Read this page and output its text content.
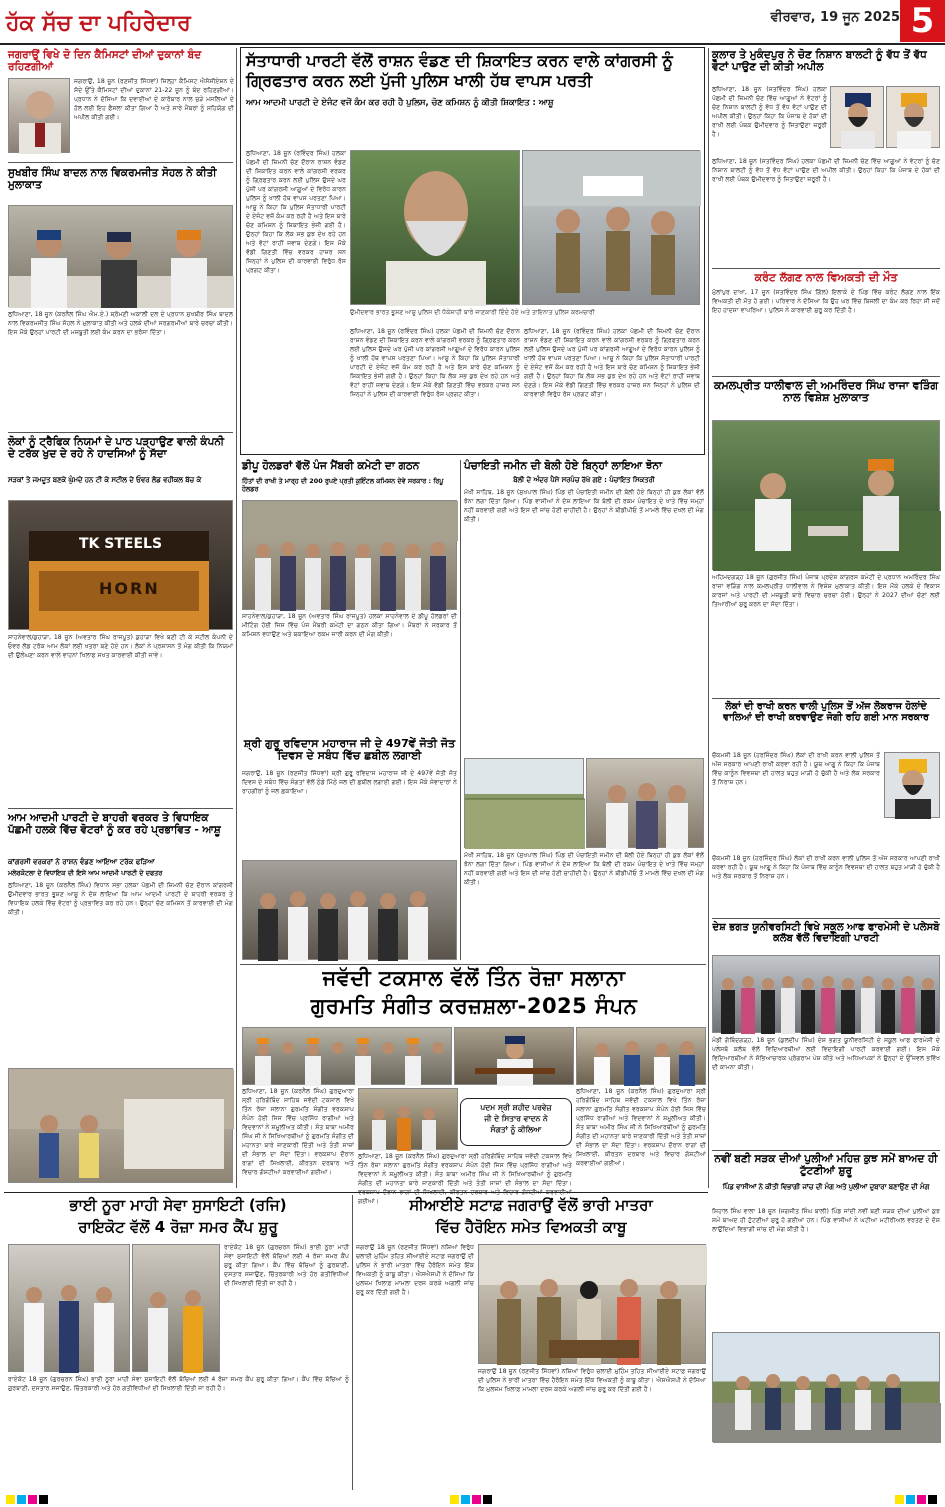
ਹੱਕ ਸੱਚ ਦਾ ਪਹਿਰੇਦਾਰ	ਵੀਰਵਾਰ, 19 ਜੂਨ 2025 5
ਜਗਰਾਉਂ ਵਿਖੇ ਦੋ ਦਿਨ ਕੈਮਿਸਟਾਂ ਦੀਆਂ ਦੁਕਾਨਾਂ ਬੰਦ ਰਹਿਣਗੀਆਂ
ਜਗਰਾਉਂ, 18 ਜੂਨ (ਰਣਜੀਤ ਸਿੱਧਵਾਂ) ਜ਼ਿਲ੍ਹਾ ਕੈਮਿਸਟ ਐਸੋਸੀਏਸ਼ਨ ਦੇ ਸੱਦੇ ਉੱਤੇ ਕੈਮਿਸਟਾਂ ਦੀਆਂ ਦੁਕਾਨਾਂ 21-22 ਜੂਨ ਨੂੰ ਬੰਦ ਰਹਿਣਗੀਆਂ। ਪ੍ਰਧਾਨ ਨੇ ਦੱਸਿਆ ਕਿ ਦਵਾਈਆਂ ਦੇ ਕਾਰੋਬਾਰ ਨਾਲ ਜੁੜੇ ਮਸਲਿਆਂ ਦੇ ਹੱਲ ਲਈ ਇਹ ਫੈਸਲਾ ਕੀਤਾ ਗਿਆ ਹੈ ਅਤੇ ਸਾਰੇ ਮੈਂਬਰਾਂ ਨੂੰ ਸਹਿਯੋਗ ਦੀ ਅਪੀਲ ਕੀਤੀ ਗਈ।
ਸੁਖਬੀਰ ਸਿੰਘ ਬਾਦਲ ਨਾਲ ਵਿਕਰਮਜੀਤ ਸੋਹਲ ਨੇ ਕੀਤੀ ਮੁਲਾਕਾਤ
ਲੁਧਿਆਣਾ, 18 ਜੂਨ (ਕਰਨੈਲ ਸਿੰਘ ਐਮ.ਏ.) ਸ਼੍ਰੋਮਣੀ ਅਕਾਲੀ ਦਲ ਦੇ ਪ੍ਰਧਾਨ ਸੁਖਬੀਰ ਸਿੰਘ ਬਾਦਲ ਨਾਲ ਵਿਕਰਮਜੀਤ ਸਿੰਘ ਸੋਹਲ ਨੇ ਮੁਲਾਕਾਤ ਕੀਤੀ ਅਤੇ ਹਲਕੇ ਦੀਆਂ ਸਰਗਰਮੀਆਂ ਬਾਰੇ ਚਰਚਾ ਕੀਤੀ। ਇਸ ਮੌਕੇ ਉਨ੍ਹਾਂ ਪਾਰਟੀ ਦੀ ਮਜ਼ਬੂਤੀ ਲਈ ਕੰਮ ਕਰਨ ਦਾ ਭਰੋਸਾ ਦਿੱਤਾ।
ਲੋਕਾਂ ਨੂੰ ਟ੍ਰੈਫਿਕ ਨਿਯਮਾਂ ਦੇ ਪਾਠ ਪੜ੍ਹਾਉਣ ਵਾਲੀ ਕੰਪਨੀ ਦੇ ਟਰੱਕ ਖੁਦ ਦੇ ਰਹੇ ਨੇ ਹਾਦਸਿਆਂ ਨੂੰ ਸੱਦਾ
ਸੜਕਾਂ ਤੇ ਜਮਦੂਤ ਬਣਕੇ ਘੁੰਮਦੇ ਹਨ ਟੀ ਕੇ ਸਟੀਲ ਦੇ ਓਵਰ ਲੋਡ ਵਹੀਕਲ ਬੱਚ ਕੇ
TK STEELS
HORN
ਸਾਹਨੇਵਾਲ/ਕੁਹਾੜਾ, 18 ਜੂਨ (ਅਵਤਾਰ ਸਿੰਘ ਰਾਜਪੂਤ) ਕੁਹਾੜਾ ਵਿਖੇ ਬਣੀ ਟੀ ਕੇ ਸਟੀਲ ਕੰਪਨੀ ਦੇ ਓਵਰ ਲੋਡ ਟਰੱਕ ਆਮ ਲੋਕਾਂ ਲਈ ਖਤਰਾ ਬਣੇ ਹੋਏ ਹਨ। ਲੋਕਾਂ ਨੇ ਪ੍ਰਸ਼ਾਸਨ ਤੋਂ ਮੰਗ ਕੀਤੀ ਕਿ ਨਿਯਮਾਂ ਦੀ ਉਲੰਘਣਾ ਕਰਨ ਵਾਲੇ ਵਾਹਨਾਂ ਖਿਲਾਫ ਸਖਤ ਕਾਰਵਾਈ ਕੀਤੀ ਜਾਵੇ।
ਆਮ ਆਦਮੀ ਪਾਰਟੀ ਦੇ ਬਾਹਰੀ ਵਰਕਰ ਤੇ ਵਿਧਾਇਕ ਪੱਛਮੀ ਹਲਕੇ ਵਿੱਚ ਵੋਟਰਾਂ ਨੂੰ ਕਰ ਰਹੇ ਪ੍ਰਭਾਵਿਤ - ਆਸ਼ੂ
ਕਾਂਗਰਸੀ ਵਰਕਰਾਂ ਨੇ ਰਾਸ਼ਨ ਵੰਡਣ ਆਇਆ ਟਰੱਕ ਫੜਿਆ
ਮਲੇਰਕੋਟਲਾ ਦੇ ਵਿਧਾਇਕ ਦੀ ਇਸੇ ਆਮ ਆਦਮੀ ਪਾਰਟੀ ਦੇ ਦਫਤਰ
ਲੁਧਿਆਣਾ, 18 ਜੂਨ (ਕਰਨੈਲ ਸਿੰਘ) ਵਿਧਾਨ ਸਭਾ ਹਲਕਾ ਪੱਛਮੀ ਦੀ ਜ਼ਿਮਨੀ ਚੋਣ ਦੌਰਾਨ ਕਾਂਗਰਸੀ ਉਮੀਦਵਾਰ ਭਾਰਤ ਭੂਸ਼ਣ ਆਸ਼ੂ ਨੇ ਦੋਸ਼ ਲਾਇਆ ਕਿ ਆਮ ਆਦਮੀ ਪਾਰਟੀ ਦੇ ਬਾਹਰੀ ਵਰਕਰ ਤੇ ਵਿਧਾਇਕ ਹਲਕੇ ਵਿੱਚ ਵੋਟਰਾਂ ਨੂੰ ਪ੍ਰਭਾਵਿਤ ਕਰ ਰਹੇ ਹਨ। ਉਨ੍ਹਾਂ ਚੋਣ ਕਮਿਸ਼ਨ ਤੋਂ ਕਾਰਵਾਈ ਦੀ ਮੰਗ ਕੀਤੀ।
ਸੱਤਾਧਾਰੀ ਪਾਰਟੀ ਵੱਲੋਂ ਰਾਸ਼ਨ ਵੰਡਣ ਦੀ ਸ਼ਿਕਾਇਤ ਕਰਨ ਵਾਲੇ ਕਾਂਗਰਸੀ ਨੂੰ ਗ੍ਰਿਫਤਾਰ ਕਰਨ ਲਈ ਪੁੱਜੀ ਪੁਲਿਸ ਖਾਲੀ ਹੱਥ ਵਾਪਸ ਪਰਤੀ
ਆਮ ਆਦਮੀ ਪਾਰਟੀ ਦੇ ਏਜੰਟ ਵਜੋਂ ਕੰਮ ਕਰ ਰਹੀ ਹੈ ਪੁਲਿਸ, ਚੋਣ ਕਮਿਸ਼ਨ ਨੂੰ ਕੀਤੀ ਸ਼ਿਕਾਇਤ : ਆਸ਼ੂ
ਲੁਧਿਆਣਾ, 18 ਜੂਨ (ਰਵਿੰਦਰ ਸਿੰਘ) ਹਲਕਾ ਪੱਛਮੀ ਦੀ ਜ਼ਿਮਨੀ ਚੋਣ ਦੌਰਾਨ ਰਾਸ਼ਨ ਵੰਡਣ ਦੀ ਸ਼ਿਕਾਇਤ ਕਰਨ ਵਾਲੇ ਕਾਂਗਰਸੀ ਵਰਕਰ ਨੂੰ ਗ੍ਰਿਫਤਾਰ ਕਰਨ ਲਈ ਪੁਲਿਸ ਉਸਦੇ ਘਰ ਪੁੱਜੀ ਪਰ ਕਾਂਗਰਸੀ ਆਗੂਆਂ ਦੇ ਵਿਰੋਧ ਕਾਰਨ ਪੁਲਿਸ ਨੂੰ ਖਾਲੀ ਹੱਥ ਵਾਪਸ ਪਰਤਣਾ ਪਿਆ। ਆਸ਼ੂ ਨੇ ਕਿਹਾ ਕਿ ਪੁਲਿਸ ਸੱਤਾਧਾਰੀ ਪਾਰਟੀ ਦੇ ਏਜੰਟ ਵਜੋਂ ਕੰਮ ਕਰ ਰਹੀ ਹੈ ਅਤੇ ਇਸ ਬਾਰੇ ਚੋਣ ਕਮਿਸ਼ਨ ਨੂੰ ਸ਼ਿਕਾਇਤ ਭੇਜੀ ਗਈ ਹੈ। ਉਨ੍ਹਾਂ ਕਿਹਾ ਕਿ ਲੋਕ ਸਭ ਕੁਝ ਦੇਖ ਰਹੇ ਹਨ ਅਤੇ ਵੋਟਾਂ ਰਾਹੀਂ ਜਵਾਬ ਦੇਣਗੇ। ਇਸ ਮੌਕੇ ਵੱਡੀ ਗਿਣਤੀ ਵਿੱਚ ਵਰਕਰ ਹਾਜ਼ਰ ਸਨ ਜਿਨ੍ਹਾਂ ਨੇ ਪੁਲਿਸ ਦੀ ਕਾਰਵਾਈ ਵਿਰੁੱਧ ਰੋਸ ਪ੍ਰਗਟ ਕੀਤਾ।
ਉਮੀਦਵਾਰ ਭਾਰਤ ਭੂਸ਼ਣ ਆਸ਼ੂ ਪੁਲਿਸ ਦੀ ਧੱਕੇਸ਼ਾਹੀ ਬਾਰੇ ਜਾਣਕਾਰੀ ਦਿੰਦੇ ਹੋਏ ਅਤੇ ਤਾਇਨਾਤ ਪੁਲਿਸ ਕਰਮਚਾਰੀ
ਲੁਧਿਆਣਾ, 18 ਜੂਨ (ਰਵਿੰਦਰ ਸਿੰਘ) ਹਲਕਾ ਪੱਛਮੀ ਦੀ ਜ਼ਿਮਨੀ ਚੋਣ ਦੌਰਾਨ ਰਾਸ਼ਨ ਵੰਡਣ ਦੀ ਸ਼ਿਕਾਇਤ ਕਰਨ ਵਾਲੇ ਕਾਂਗਰਸੀ ਵਰਕਰ ਨੂੰ ਗ੍ਰਿਫਤਾਰ ਕਰਨ ਲਈ ਪੁਲਿਸ ਉਸਦੇ ਘਰ ਪੁੱਜੀ ਪਰ ਕਾਂਗਰਸੀ ਆਗੂਆਂ ਦੇ ਵਿਰੋਧ ਕਾਰਨ ਪੁਲਿਸ ਨੂੰ ਖਾਲੀ ਹੱਥ ਵਾਪਸ ਪਰਤਣਾ ਪਿਆ। ਆਸ਼ੂ ਨੇ ਕਿਹਾ ਕਿ ਪੁਲਿਸ ਸੱਤਾਧਾਰੀ ਪਾਰਟੀ ਦੇ ਏਜੰਟ ਵਜੋਂ ਕੰਮ ਕਰ ਰਹੀ ਹੈ ਅਤੇ ਇਸ ਬਾਰੇ ਚੋਣ ਕਮਿਸ਼ਨ ਨੂੰ ਸ਼ਿਕਾਇਤ ਭੇਜੀ ਗਈ ਹੈ। ਉਨ੍ਹਾਂ ਕਿਹਾ ਕਿ ਲੋਕ ਸਭ ਕੁਝ ਦੇਖ ਰਹੇ ਹਨ ਅਤੇ ਵੋਟਾਂ ਰਾਹੀਂ ਜਵਾਬ ਦੇਣਗੇ। ਇਸ ਮੌਕੇ ਵੱਡੀ ਗਿਣਤੀ ਵਿੱਚ ਵਰਕਰ ਹਾਜ਼ਰ ਸਨ ਜਿਨ੍ਹਾਂ ਨੇ ਪੁਲਿਸ ਦੀ ਕਾਰਵਾਈ ਵਿਰੁੱਧ ਰੋਸ ਪ੍ਰਗਟ ਕੀਤਾ।
ਲੁਧਿਆਣਾ, 18 ਜੂਨ (ਰਵਿੰਦਰ ਸਿੰਘ) ਹਲਕਾ ਪੱਛਮੀ ਦੀ ਜ਼ਿਮਨੀ ਚੋਣ ਦੌਰਾਨ ਰਾਸ਼ਨ ਵੰਡਣ ਦੀ ਸ਼ਿਕਾਇਤ ਕਰਨ ਵਾਲੇ ਕਾਂਗਰਸੀ ਵਰਕਰ ਨੂੰ ਗ੍ਰਿਫਤਾਰ ਕਰਨ ਲਈ ਪੁਲਿਸ ਉਸਦੇ ਘਰ ਪੁੱਜੀ ਪਰ ਕਾਂਗਰਸੀ ਆਗੂਆਂ ਦੇ ਵਿਰੋਧ ਕਾਰਨ ਪੁਲਿਸ ਨੂੰ ਖਾਲੀ ਹੱਥ ਵਾਪਸ ਪਰਤਣਾ ਪਿਆ। ਆਸ਼ੂ ਨੇ ਕਿਹਾ ਕਿ ਪੁਲਿਸ ਸੱਤਾਧਾਰੀ ਪਾਰਟੀ ਦੇ ਏਜੰਟ ਵਜੋਂ ਕੰਮ ਕਰ ਰਹੀ ਹੈ ਅਤੇ ਇਸ ਬਾਰੇ ਚੋਣ ਕਮਿਸ਼ਨ ਨੂੰ ਸ਼ਿਕਾਇਤ ਭੇਜੀ ਗਈ ਹੈ। ਉਨ੍ਹਾਂ ਕਿਹਾ ਕਿ ਲੋਕ ਸਭ ਕੁਝ ਦੇਖ ਰਹੇ ਹਨ ਅਤੇ ਵੋਟਾਂ ਰਾਹੀਂ ਜਵਾਬ ਦੇਣਗੇ। ਇਸ ਮੌਕੇ ਵੱਡੀ ਗਿਣਤੀ ਵਿੱਚ ਵਰਕਰ ਹਾਜ਼ਰ ਸਨ ਜਿਨ੍ਹਾਂ ਨੇ ਪੁਲਿਸ ਦੀ ਕਾਰਵਾਈ ਵਿਰੁੱਧ ਰੋਸ ਪ੍ਰਗਟ ਕੀਤਾ।
ਡੀਪੂ ਹੋਲਡਰਾਂ ਵੱਲੋਂ ਪੰਜ ਮੈਂਬਰੀ ਕਮੇਟੀ ਦਾ ਗਠਨ
ਹਿੱਤਾਂ ਦੀ ਰਾਖੀ ਤੇ ਮਾਰ੍ਹ ਦੀ 200 ਰੁਪਏ ਪ੍ਰਤੀ ਕੁਇੰਟਲ ਕਮਿਸ਼ਨ ਦੇਵੇ ਸਰਕਾਰ : ਰਿਪੂ ਹੋਲਡਰ
ਸਾਹਨੇਵਾਲ/ਕੁਹਾੜਾ, 18 ਜੂਨ (ਅਵਤਾਰ ਸਿੰਘ ਰਾਜਪੂਤ) ਹਲਕਾ ਸਾਹਨੇਵਾਲ ਦੇ ਡੀਪੂ ਹੋਲਡਰਾਂ ਦੀ ਮੀਟਿੰਗ ਹੋਈ ਜਿਸ ਵਿੱਚ ਪੰਜ ਮੈਂਬਰੀ ਕਮੇਟੀ ਦਾ ਗਠਨ ਕੀਤਾ ਗਿਆ। ਮੈਂਬਰਾਂ ਨੇ ਸਰਕਾਰ ਤੋਂ ਕਮਿਸ਼ਨ ਵਧਾਉਣ ਅਤੇ ਬਕਾਇਆ ਰਕਮ ਜਾਰੀ ਕਰਨ ਦੀ ਮੰਗ ਕੀਤੀ।
ਸ਼੍ਰੀ ਗੁਰੂ ਰਵਿਦਾਸ ਮਹਾਰਾਜ ਜੀ ਦੇ 497ਵੇਂ ਜੋਤੀ ਜੋਤ ਦਿਵਸ ਦੇ ਸਬੰਧ ਵਿੱਚ ਛਬੀਲ ਲਗਾਈ
ਜਗਰਾਉਂ, 18 ਜੂਨ (ਰਣਜੀਤ ਸਿੱਧਵਾਂ) ਸ਼੍ਰੀ ਗੁਰੂ ਰਵਿਦਾਸ ਮਹਾਰਾਜ ਜੀ ਦੇ 497ਵੇਂ ਜੋਤੀ ਜੋਤ ਦਿਵਸ ਦੇ ਸਬੰਧ ਵਿੱਚ ਸੰਗਤਾਂ ਵੱਲੋਂ ਠੰਡੇ ਮਿੱਠੇ ਜਲ ਦੀ ਛਬੀਲ ਲਗਾਈ ਗਈ। ਇਸ ਮੌਕੇ ਸੇਵਾਦਾਰਾਂ ਨੇ ਰਾਹਗੀਰਾਂ ਨੂੰ ਜਲ ਛਕਾਇਆ।
ਪੰਚਾਇਤੀ ਜਮੀਨ ਦੀ ਬੋਲੀ ਹੋਏ ਬਿਨ੍ਹਾਂ ਲਾਇਆ ਝੋਨਾ
ਬੋਲੀ ਦੇ ਅੰਦਰ ਪੈਸੇ ਸਰਪੰਚ ਰੱਖੇ ਗਏ : ਪੰਚਾਇਤ ਸਿਕਤਰੀ
ਮੱਖੀ ਸਾਹਿਬ, 18 ਜੂਨ (ਸੁਖਪਾਲ ਸਿੰਘ) ਪਿੰਡ ਦੀ ਪੰਚਾਇਤੀ ਜਮੀਨ ਦੀ ਬੋਲੀ ਹੋਏ ਬਿਨ੍ਹਾਂ ਹੀ ਕੁਝ ਲੋਕਾਂ ਵੱਲੋਂ ਝੋਨਾ ਲਗਾ ਦਿੱਤਾ ਗਿਆ। ਪਿੰਡ ਵਾਸੀਆਂ ਨੇ ਦੋਸ਼ ਲਾਇਆ ਕਿ ਬੋਲੀ ਦੀ ਰਕਮ ਪੰਚਾਇਤ ਦੇ ਖਾਤੇ ਵਿੱਚ ਜਮ੍ਹਾਂ ਨਹੀਂ ਕਰਵਾਈ ਗਈ ਅਤੇ ਇਸ ਦੀ ਜਾਂਚ ਹੋਣੀ ਚਾਹੀਦੀ ਹੈ। ਉਨ੍ਹਾਂ ਨੇ ਬੀਡੀਪੀਓ ਤੋਂ ਮਾਮਲੇ ਵਿੱਚ ਦਖਲ ਦੀ ਮੰਗ ਕੀਤੀ।
ਮੱਖੀ ਸਾਹਿਬ, 18 ਜੂਨ (ਸੁਖਪਾਲ ਸਿੰਘ) ਪਿੰਡ ਦੀ ਪੰਚਾਇਤੀ ਜਮੀਨ ਦੀ ਬੋਲੀ ਹੋਏ ਬਿਨ੍ਹਾਂ ਹੀ ਕੁਝ ਲੋਕਾਂ ਵੱਲੋਂ ਝੋਨਾ ਲਗਾ ਦਿੱਤਾ ਗਿਆ। ਪਿੰਡ ਵਾਸੀਆਂ ਨੇ ਦੋਸ਼ ਲਾਇਆ ਕਿ ਬੋਲੀ ਦੀ ਰਕਮ ਪੰਚਾਇਤ ਦੇ ਖਾਤੇ ਵਿੱਚ ਜਮ੍ਹਾਂ ਨਹੀਂ ਕਰਵਾਈ ਗਈ ਅਤੇ ਇਸ ਦੀ ਜਾਂਚ ਹੋਣੀ ਚਾਹੀਦੀ ਹੈ। ਉਨ੍ਹਾਂ ਨੇ ਬੀਡੀਪੀਓ ਤੋਂ ਮਾਮਲੇ ਵਿੱਚ ਦਖਲ ਦੀ ਮੰਗ ਕੀਤੀ।
ਕੂਲਾਰ ਤੇ ਮੁਕੰਦਪੁਰ ਨੇ ਚੋਣ ਨਿਸ਼ਾਨ ਬਾਲਟੀ ਨੂੰ ਵੱਧ ਤੋਂ ਵੱਧ ਵੋਟਾਂ ਪਾਉਣ ਦੀ ਕੀਤੀ ਅਪੀਲ
ਲੁਧਿਆਣਾ, 18 ਜੂਨ (ਸਤਵਿੰਦਰ ਸਿੰਘ) ਹਲਕਾ ਪੱਛਮੀ ਦੀ ਜ਼ਿਮਨੀ ਚੋਣ ਵਿੱਚ ਆਗੂਆਂ ਨੇ ਵੋਟਰਾਂ ਨੂੰ ਚੋਣ ਨਿਸ਼ਾਨ ਬਾਲਟੀ ਨੂੰ ਵੱਧ ਤੋਂ ਵੱਧ ਵੋਟਾਂ ਪਾਉਣ ਦੀ ਅਪੀਲ ਕੀਤੀ। ਉਨ੍ਹਾਂ ਕਿਹਾ ਕਿ ਪੰਜਾਬ ਦੇ ਹੱਕਾਂ ਦੀ ਰਾਖੀ ਲਈ ਪੰਥਕ ਉਮੀਦਵਾਰ ਨੂੰ ਜਿਤਾਉਣਾ ਜ਼ਰੂਰੀ ਹੈ।
ਲੁਧਿਆਣਾ, 18 ਜੂਨ (ਸਤਵਿੰਦਰ ਸਿੰਘ) ਹਲਕਾ ਪੱਛਮੀ ਦੀ ਜ਼ਿਮਨੀ ਚੋਣ ਵਿੱਚ ਆਗੂਆਂ ਨੇ ਵੋਟਰਾਂ ਨੂੰ ਚੋਣ ਨਿਸ਼ਾਨ ਬਾਲਟੀ ਨੂੰ ਵੱਧ ਤੋਂ ਵੱਧ ਵੋਟਾਂ ਪਾਉਣ ਦੀ ਅਪੀਲ ਕੀਤੀ। ਉਨ੍ਹਾਂ ਕਿਹਾ ਕਿ ਪੰਜਾਬ ਦੇ ਹੱਕਾਂ ਦੀ ਰਾਖੀ ਲਈ ਪੰਥਕ ਉਮੀਦਵਾਰ ਨੂੰ ਜਿਤਾਉਣਾ ਜ਼ਰੂਰੀ ਹੈ।
ਕਰੰਟ ਲੱਗਣ ਨਾਲ ਵਿਅਕਤੀ ਦੀ ਮੌਤ
ਮੁੱਲਾਂਪੁਰ ਦਾਖਾ, 17 ਜੂਨ (ਸਤਵਿੰਦਰ ਸਿੰਘ ਗਿੱਲ) ਇਲਾਕੇ ਦੇ ਪਿੰਡ ਵਿੱਚ ਕਰੰਟ ਲੱਗਣ ਨਾਲ ਇੱਕ ਵਿਅਕਤੀ ਦੀ ਮੌਤ ਹੋ ਗਈ। ਪਰਿਵਾਰ ਨੇ ਦੱਸਿਆ ਕਿ ਉਹ ਘਰ ਵਿੱਚ ਬਿਜਲੀ ਦਾ ਕੰਮ ਕਰ ਰਿਹਾ ਸੀ ਜਦੋਂ ਇਹ ਹਾਦਸਾ ਵਾਪਰਿਆ। ਪੁਲਿਸ ਨੇ ਕਾਰਵਾਈ ਸ਼ੁਰੂ ਕਰ ਦਿੱਤੀ ਹੈ।
ਕਮਲਪ੍ਰੀਤ ਧਾਲੀਵਾਲ ਦੀ ਅਮਰਿੰਦਰ ਸਿੰਘ ਰਾਜਾ ਵੜਿੰਗ ਨਾਲ ਵਿਸ਼ੇਸ਼ ਮੁਲਾਕਾਤ
ਅਹਿਮਦਗੜ੍ਹ 18 ਜੂਨ (ਗੁਰਜੀਤ ਸਿੰਘ) ਪੰਜਾਬ ਪ੍ਰਦੇਸ਼ ਕਾਂਗਰਸ ਕਮੇਟੀ ਦੇ ਪ੍ਰਧਾਨ ਅਮਰਿੰਦਰ ਸਿੰਘ ਰਾਜਾ ਵੜਿੰਗ ਨਾਲ ਕਮਲਪ੍ਰੀਤ ਧਾਲੀਵਾਲ ਨੇ ਵਿਸ਼ੇਸ਼ ਮੁਲਾਕਾਤ ਕੀਤੀ। ਇਸ ਮੌਕੇ ਹਲਕੇ ਦੇ ਵਿਕਾਸ ਕਾਰਜਾਂ ਅਤੇ ਪਾਰਟੀ ਦੀ ਮਜ਼ਬੂਤੀ ਬਾਰੇ ਵਿਚਾਰ ਚਰਚਾ ਹੋਈ। ਉਨ੍ਹਾਂ ਨੇ 2027 ਦੀਆਂ ਚੋਣਾਂ ਲਈ ਤਿਆਰੀਆਂ ਸ਼ੁਰੂ ਕਰਨ ਦਾ ਸੱਦਾ ਦਿੱਤਾ।
ਲੋਕਾਂ ਦੀ ਰਾਖੀ ਕਰਨ ਵਾਲੀ ਪੁਲਿਸ ਤੋਂ ਅੱਜ ਲੋਕਰਾਜ ਹੋਲਾਂਦੇ ਵਾਲਿਆਂ ਦੀ ਰਾਖੀ ਕਰਵਾਉਣ ਜੋਗੀ ਰਹਿ ਗਈ ਮਾਨ ਸਰਕਾਰ
ਚੌਕਮਸੀ 18 ਜੂਨ (ਹਰਜਿੰਦਰ ਸਿੰਘ) ਲੋਕਾਂ ਦੀ ਰਾਖੀ ਕਰਨ ਵਾਲੀ ਪੁਲਿਸ ਤੋਂ ਅੱਜ ਸਰਕਾਰ ਆਪਣੀ ਰਾਖੀ ਕਰਵਾ ਰਹੀ ਹੈ। ਯੂਥ ਆਗੂ ਨੇ ਕਿਹਾ ਕਿ ਪੰਜਾਬ ਵਿੱਚ ਕਾਨੂੰਨ ਵਿਵਸਥਾ ਦੀ ਹਾਲਤ ਬਹੁਤ ਮਾੜੀ ਹੋ ਚੁੱਕੀ ਹੈ ਅਤੇ ਲੋਕ ਸਰਕਾਰ ਤੋਂ ਨਿਰਾਸ਼ ਹਨ।
ਚੌਕਮਸੀ 18 ਜੂਨ (ਹਰਜਿੰਦਰ ਸਿੰਘ) ਲੋਕਾਂ ਦੀ ਰਾਖੀ ਕਰਨ ਵਾਲੀ ਪੁਲਿਸ ਤੋਂ ਅੱਜ ਸਰਕਾਰ ਆਪਣੀ ਰਾਖੀ ਕਰਵਾ ਰਹੀ ਹੈ। ਯੂਥ ਆਗੂ ਨੇ ਕਿਹਾ ਕਿ ਪੰਜਾਬ ਵਿੱਚ ਕਾਨੂੰਨ ਵਿਵਸਥਾ ਦੀ ਹਾਲਤ ਬਹੁਤ ਮਾੜੀ ਹੋ ਚੁੱਕੀ ਹੈ ਅਤੇ ਲੋਕ ਸਰਕਾਰ ਤੋਂ ਨਿਰਾਸ਼ ਹਨ।
ਦੇਸ਼ ਭਗਤ ਯੂਨੀਵਰਸਿਟੀ ਵਿਖੇ ਸਕੂਲ ਆਫ ਫਾਰਮੇਸੀ ਦੇ ਪਲੇਸਬੋ ਕਲੱਬ ਵੱਲੋਂ ਵਿਦਾਇਗੀ ਪਾਰਟੀ
ਮੰਡੀ ਗੋਬਿੰਦਗੜ੍ਹ, 18 ਜੂਨ (ਕੁਲਦੀਪ ਸਿੰਘ) ਦੇਸ਼ ਭਗਤ ਯੂਨੀਵਰਸਿਟੀ ਦੇ ਸਕੂਲ ਆਫ ਫਾਰਮੇਸੀ ਦੇ ਪਲੇਸਬੋ ਕਲੱਬ ਵੱਲੋਂ ਵਿਦਿਆਰਥੀਆਂ ਲਈ ਵਿਦਾਇਗੀ ਪਾਰਟੀ ਕਰਵਾਈ ਗਈ। ਇਸ ਮੌਕੇ ਵਿਦਿਆਰਥੀਆਂ ਨੇ ਸੱਭਿਆਚਾਰਕ ਪ੍ਰੋਗਰਾਮ ਪੇਸ਼ ਕੀਤੇ ਅਤੇ ਅਧਿਆਪਕਾਂ ਨੇ ਉਨ੍ਹਾਂ ਦੇ ਉੱਜਵਲ ਭਵਿੱਖ ਦੀ ਕਾਮਨਾ ਕੀਤੀ।
ਨਵੀਂ ਬਣੀ ਸੜਕ ਦੀਆਂ ਪੁਲੀਆਂ ਮਹਿਜ਼ ਕੁਝ ਸਮੇਂ ਬਾਅਦ ਹੀ ਟੁੱਟਣੀਆਂ ਸ਼ੁਰੂ
ਪਿੰਡ ਵਾਸੀਆਂ ਨੇ ਕੀਤੀ ਵਿਭਾਗੀ ਜਾਂਚ ਦੀ ਮੰਗ ਅਤੇ ਪੁਲੀਆਂ ਦੁਬਾਰਾ ਬਣਾਉਣ ਦੀ ਮੰਗ
ਸਿਹਾਲ ਸਿੰਘ ਵਾਲਾ 18 ਜੂਨ (ਜਗਜੀਤ ਸਿੰਘ ਬਾਲੀ) ਪਿੰਡ ਜਾਂਦੀ ਨਵੀਂ ਬਣੀ ਸੜਕ ਦੀਆਂ ਪੁਲੀਆਂ ਕੁਝ ਸਮੇਂ ਬਾਅਦ ਹੀ ਟੁੱਟਣੀਆਂ ਸ਼ੁਰੂ ਹੋ ਗਈਆਂ ਹਨ। ਪਿੰਡ ਵਾਸੀਆਂ ਨੇ ਘਟੀਆ ਮਟੀਰੀਅਲ ਵਰਤਣ ਦੇ ਦੋਸ਼ ਲਾਉਂਦਿਆਂ ਵਿਭਾਗੀ ਜਾਂਚ ਦੀ ਮੰਗ ਕੀਤੀ ਹੈ।
ਜਵੱਦੀ ਟਕਸਾਲ ਵੱਲੋਂ ਤਿੰਨ ਰੋਜ਼ਾ ਸਲਾਨਾ
ਗੁਰਮਤਿ ਸੰਗੀਤ ਕਰਜ਼ਸ਼ਲਾ-2025 ਸੰਪਨ
ਲੁਧਿਆਣਾ, 18 ਜੂਨ (ਕਰਨੈਲ ਸਿੰਘ) ਗੁਰਦੁਆਰਾ ਸ੍ਰੀ ਹਰਿਗੋਬਿੰਦ ਸਾਹਿਬ ਜਵੱਦੀ ਟਕਸਾਲ ਵਿਖੇ ਤਿੰਨ ਰੋਜ਼ਾ ਸਲਾਨਾ ਗੁਰਮਤਿ ਸੰਗੀਤ ਵਰਕਸ਼ਾਪ ਸੰਪੰਨ ਹੋਈ ਜਿਸ ਵਿੱਚ ਪ੍ਰਸਿੱਧ ਰਾਗੀਆਂ ਅਤੇ ਵਿਦਵਾਨਾਂ ਨੇ ਸ਼ਮੂਲੀਅਤ ਕੀਤੀ। ਸੰਤ ਬਾਬਾ ਅਮੀਰ ਸਿੰਘ ਜੀ ਨੇ ਸਿਖਿਆਰਥੀਆਂ ਨੂੰ ਗੁਰਮਤਿ ਸੰਗੀਤ ਦੀ ਮਹਾਨਤਾ ਬਾਰੇ ਜਾਣਕਾਰੀ ਦਿੱਤੀ ਅਤੇ ਤੰਤੀ ਸਾਜ਼ਾਂ ਦੀ ਸੰਭਾਲ ਦਾ ਸੱਦਾ ਦਿੱਤਾ। ਵਰਕਸ਼ਾਪ ਦੌਰਾਨ ਰਾਗਾਂ ਦੀ ਸਿਖਲਾਈ, ਕੀਰਤਨ ਦਰਬਾਰ ਅਤੇ ਵਿਚਾਰ ਗੋਸ਼ਟੀਆਂ ਕਰਵਾਈਆਂ ਗਈਆਂ।
ਪਦਮ ਸ੍ਰੀ ਸ਼ਹੀਦ ਪਰਵੇਜ਼
ਜੀ ਦੇ ਸਿਤਾਰ ਵਾਦਨ ਨੇ
ਸੰਗਤਾਂ ਨੂੰ ਕੀਲਿਆ
ਲੁਧਿਆਣਾ, 18 ਜੂਨ (ਕਰਨੈਲ ਸਿੰਘ) ਗੁਰਦੁਆਰਾ ਸ੍ਰੀ ਹਰਿਗੋਬਿੰਦ ਸਾਹਿਬ ਜਵੱਦੀ ਟਕਸਾਲ ਵਿਖੇ ਤਿੰਨ ਰੋਜ਼ਾ ਸਲਾਨਾ ਗੁਰਮਤਿ ਸੰਗੀਤ ਵਰਕਸ਼ਾਪ ਸੰਪੰਨ ਹੋਈ ਜਿਸ ਵਿੱਚ ਪ੍ਰਸਿੱਧ ਰਾਗੀਆਂ ਅਤੇ ਵਿਦਵਾਨਾਂ ਨੇ ਸ਼ਮੂਲੀਅਤ ਕੀਤੀ। ਸੰਤ ਬਾਬਾ ਅਮੀਰ ਸਿੰਘ ਜੀ ਨੇ ਸਿਖਿਆਰਥੀਆਂ ਨੂੰ ਗੁਰਮਤਿ ਸੰਗੀਤ ਦੀ ਮਹਾਨਤਾ ਬਾਰੇ ਜਾਣਕਾਰੀ ਦਿੱਤੀ ਅਤੇ ਤੰਤੀ ਸਾਜ਼ਾਂ ਦੀ ਸੰਭਾਲ ਦਾ ਸੱਦਾ ਦਿੱਤਾ। ਗਈਆਂ।
ਲੁਧਿਆਣਾ, 18 ਜੂਨ (ਕਰਨੈਲ ਸਿੰਘ) ਗੁਰਦੁਆਰਾ ਸ੍ਰੀ ਹਰਿਗੋਬਿੰਦ ਸਾਹਿਬ ਜਵੱਦੀ ਟਕਸਾਲ ਵਿਖੇ ਤਿੰਨ ਰੋਜ਼ਾ ਸਲਾਨਾ ਗੁਰਮਤਿ ਸੰਗੀਤ ਵਰਕਸ਼ਾਪ ਸੰਪੰਨ ਹੋਈ ਜਿਸ ਵਿੱਚ ਪ੍ਰਸਿੱਧ ਰਾਗੀਆਂ ਅਤੇ ਵਿਦਵਾਨਾਂ ਨੇ ਸ਼ਮੂਲੀਅਤ ਕੀਤੀ। ਸੰਤ ਬਾਬਾ ਅਮੀਰ ਸਿੰਘ ਜੀ ਨੇ ਸਿਖਿਆਰਥੀਆਂ ਨੂੰ ਗੁਰਮਤਿ ਸੰਗੀਤ ਦੀ ਮਹਾਨਤਾ ਬਾਰੇ ਜਾਣਕਾਰੀ ਦਿੱਤੀ ਅਤੇ ਤੰਤੀ ਸਾਜ਼ਾਂ ਦੀ ਸੰਭਾਲ ਦਾ ਸੱਦਾ ਦਿੱਤਾ। ਵਰਕਸ਼ਾਪ ਦੌਰਾਨ ਰਾਗਾਂ ਦੀ ਸਿਖਲਾਈ, ਕੀਰਤਨ ਦਰਬਾਰ ਅਤੇ ਵਿਚਾਰ ਗੋਸ਼ਟੀਆਂ ਕਰਵਾਈਆਂ ਗਈਆਂ।
ਭਾਈ ਨੂਰਾ ਮਾਹੀ ਸੇਵਾ ਸੁਸਾਇਟੀ (ਰਜਿ)
ਰਾਇਕੋਟ ਵੱਲੋਂ 4 ਰੋਜ਼ਾ ਸਮਰ ਕੈਂਪ ਸ਼ੁਰੂ
ਰਾਏਕੋਟ 18 ਜੂਨ (ਗੁਰਚਰਨ ਸਿੰਘ) ਭਾਈ ਨੂਰਾ ਮਾਹੀ ਸੇਵਾ ਸੁਸਾਇਟੀ ਵੱਲੋਂ ਬੱਚਿਆਂ ਲਈ 4 ਰੋਜ਼ਾ ਸਮਰ ਕੈਂਪ ਸ਼ੁਰੂ ਕੀਤਾ ਗਿਆ। ਕੈਂਪ ਵਿੱਚ ਬੱਚਿਆਂ ਨੂੰ ਗੁਰਬਾਣੀ, ਦਸਤਾਰ ਸਜਾਉਣ, ਚਿੱਤਰਕਾਰੀ ਅਤੇ ਹੋਰ ਗਤੀਵਿਧੀਆਂ ਦੀ ਸਿਖਲਾਈ ਦਿੱਤੀ ਜਾ ਰਹੀ ਹੈ।
ਰਾਏਕੋਟ 18 ਜੂਨ (ਗੁਰਚਰਨ ਸਿੰਘ) ਭਾਈ ਨੂਰਾ ਮਾਹੀ ਸੇਵਾ ਸੁਸਾਇਟੀ ਵੱਲੋਂ ਬੱਚਿਆਂ ਲਈ 4 ਰੋਜ਼ਾ ਸਮਰ ਕੈਂਪ ਸ਼ੁਰੂ ਕੀਤਾ ਗਿਆ। ਕੈਂਪ ਵਿੱਚ ਬੱਚਿਆਂ ਨੂੰ ਗੁਰਬਾਣੀ, ਦਸਤਾਰ ਸਜਾਉਣ, ਚਿੱਤਰਕਾਰੀ ਅਤੇ ਹੋਰ ਗਤੀਵਿਧੀਆਂ ਦੀ ਸਿਖਲਾਈ ਦਿੱਤੀ ਜਾ ਰਹੀ ਹੈ।
ਸੀਆਈਏ ਸਟਾਫ਼ ਜਗਰਾਉਂ ਵੱਲੋਂ ਭਾਰੀ ਮਾਤਰਾ
ਵਿੱਚ ਹੈਰੋਇਨ ਸਮੇਤ ਵਿਅਕਤੀ ਕਾਬੂ
ਜਗਰਾਉਂ 18 ਜੂਨ (ਰਣਜੀਤ ਸਿੱਧਵਾਂ) ਨਸ਼ਿਆਂ ਵਿਰੁੱਧ ਚਲਾਈ ਮੁਹਿੰਮ ਤਹਿਤ ਸੀਆਈਏ ਸਟਾਫ਼ ਜਗਰਾਉਂ ਦੀ ਪੁਲਿਸ ਨੇ ਭਾਰੀ ਮਾਤਰਾ ਵਿੱਚ ਹੈਰੋਇਨ ਸਮੇਤ ਇੱਕ ਵਿਅਕਤੀ ਨੂੰ ਕਾਬੂ ਕੀਤਾ। ਐਸਐਸਪੀ ਨੇ ਦੱਸਿਆ ਕਿ ਮੁਲਜ਼ਮ ਖਿਲਾਫ਼ ਮਾਮਲਾ ਦਰਜ ਕਰਕੇ ਅਗਲੀ ਜਾਂਚ ਸ਼ੁਰੂ ਕਰ ਦਿੱਤੀ ਗਈ ਹੈ।
ਜਗਰਾਉਂ 18 ਜੂਨ (ਰਣਜੀਤ ਸਿੱਧਵਾਂ) ਨਸ਼ਿਆਂ ਵਿਰੁੱਧ ਚਲਾਈ ਮੁਹਿੰਮ ਤਹਿਤ ਸੀਆਈਏ ਸਟਾਫ਼ ਜਗਰਾਉਂ ਦੀ ਪੁਲਿਸ ਨੇ ਭਾਰੀ ਮਾਤਰਾ ਵਿੱਚ ਹੈਰੋਇਨ ਸਮੇਤ ਇੱਕ ਵਿਅਕਤੀ ਨੂੰ ਕਾਬੂ ਕੀਤਾ। ਐਸਐਸਪੀ ਨੇ ਦੱਸਿਆ ਕਿ ਮੁਲਜ਼ਮ ਖਿਲਾਫ਼ ਮਾਮਲਾ ਦਰਜ ਕਰਕੇ ਅਗਲੀ ਜਾਂਚ ਸ਼ੁਰੂ ਕਰ ਦਿੱਤੀ ਗਈ ਹੈ।
